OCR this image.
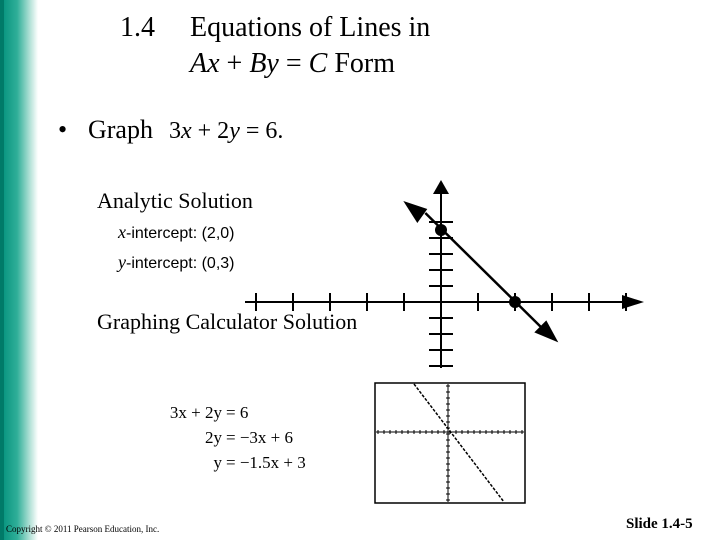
1.4 Equations of Lines in
Ax + By = C Form
• Graph 3x + 2y = 6.
Analytic Solution
x-intercept: (2,0)
y-intercept: (0,3)
Graphing Calculator Solution
3x + 2y = 6
2y = −3x + 6
y = −1.5x + 3
Copyright © 2011 Pearson Education, Inc.	Slide 1.4-5
